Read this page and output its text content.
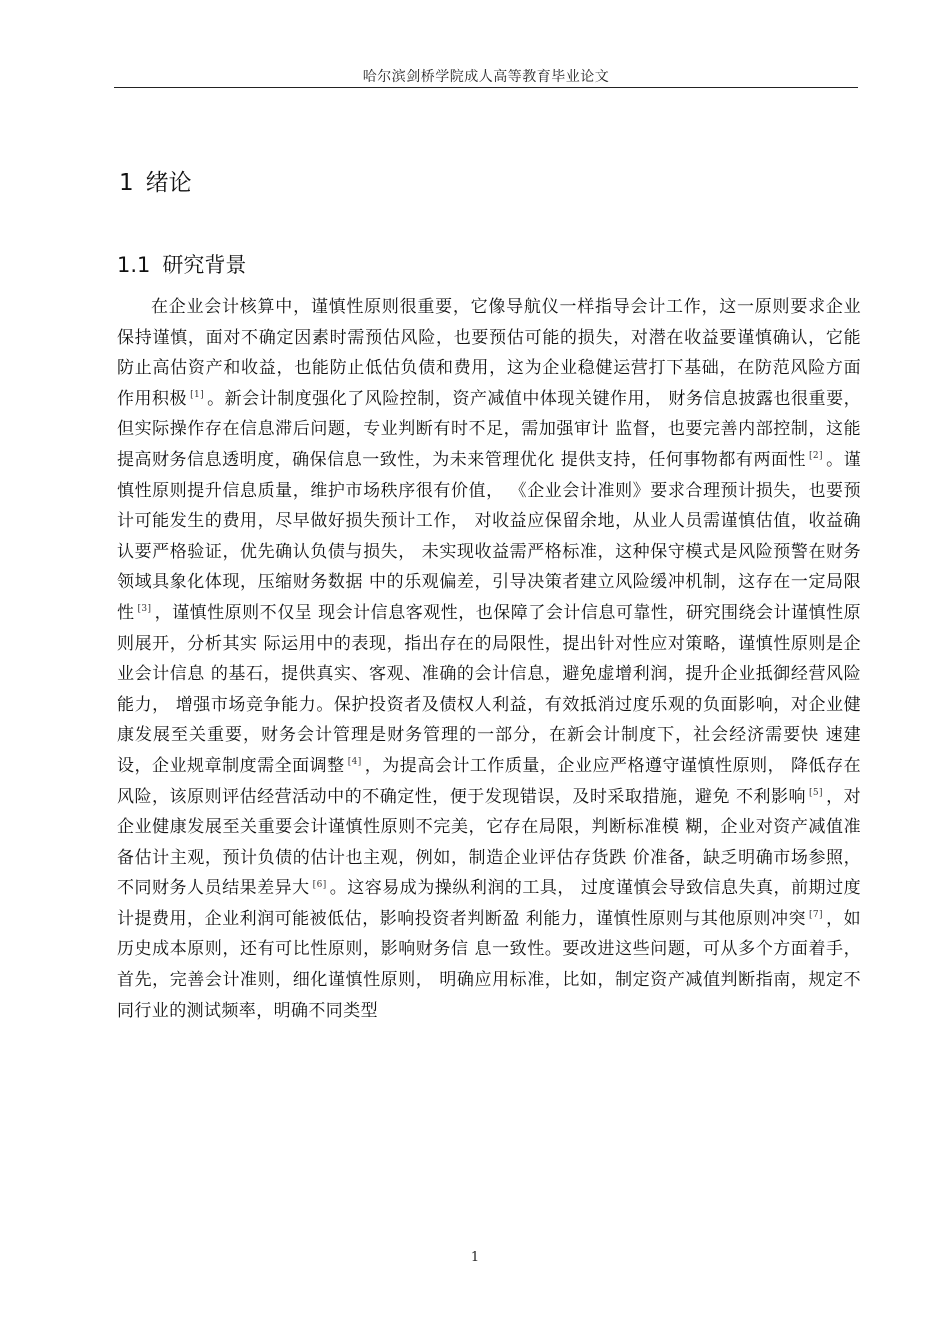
哈尔滨剑桥学院成人高等教育毕业论文
1 绪论
1.1 研究背景

在企业会计核算中，谨慎性原则很重要，它像导航仪一样指导会计工作，这一原则要求企业保持谨慎，面对不确定因素时需预估风险，也要预估可能的损失，对潜在收益要谨慎确认，它能防止高估资产和收益，也能防止低估负债和费用，这为企业稳健运营打下基础，在防范风险方面作用积极 [1] 。新会计制度强化了风险控制，资产减值中体现关键作用， 财务信息披露也很重要，但实际操作存在信息滞后问题，专业判断有时不足，需加强审计 监督，也要完善内部控制，这能提高财务信息透明度，确保信息一致性，为未来管理优化 提供支持，任何事物都有两面性 [2] 。谨慎性原则提升信息质量，维护市场秩序很有价值， 《企业会计准则》要求合理预计损失，也要预计可能发生的费用，尽早做好损失预计工作， 对收益应保留余地，从业人员需谨慎估值，收益确认要严格验证，优先确认负债与损失， 未实现收益需严格标准，这种保守模式是风险预警在财务领域具象化体现，压缩财务数据 中的乐观偏差，引导决策者建立风险缓冲机制，这存在一定局限性 [3] ，谨慎性原则不仅呈 现会计信息客观性，也保障了会计信息可靠性，研究围绕会计谨慎性原则展开，分析其实 际运用中的表现，指出存在的局限性，提出针对性应对策略，谨慎性原则是企业会计信息 的基石，提供真实、客观、准确的会计信息，避免虚增利润，提升企业抵御经营风险能力， 增强市场竞争能力。保护投资者及债权人利益，有效抵消过度乐观的负面影响，对企业健 康发展至关重要，财务会计管理是财务管理的一部分，在新会计制度下，社会经济需要快 速建设，企业规章制度需全面调整 [4] ，为提高会计工作质量，企业应严格遵守谨慎性原则， 降低存在风险，该原则评估经营活动中的不确定性，便于发现错误，及时采取措施，避免 不利影响 [5] ，对企业健康发展至关重要会计谨慎性原则不完美，它存在局限，判断标准模 糊，企业对资产减值准备估计主观，预计负债的估计也主观，例如，制造企业评估存货跌 价准备，缺乏明确市场参照，不同财务人员结果差异大 [6] 。这容易成为操纵利润的工具， 过度谨慎会导致信息失真，前期过度计提费用，企业利润可能被低估，影响投资者判断盈 利能力，谨慎性原则与其他原则冲突 [7] ，如历史成本原则，还有可比性原则，影响财务信 息一致性。要改进这些问题，可从多个方面着手，首先，完善会计准则，细化谨慎性原则， 明确应用标准，比如，制定资产减值判断指南，规定不同行业的测试频率，明确不同类型

1
